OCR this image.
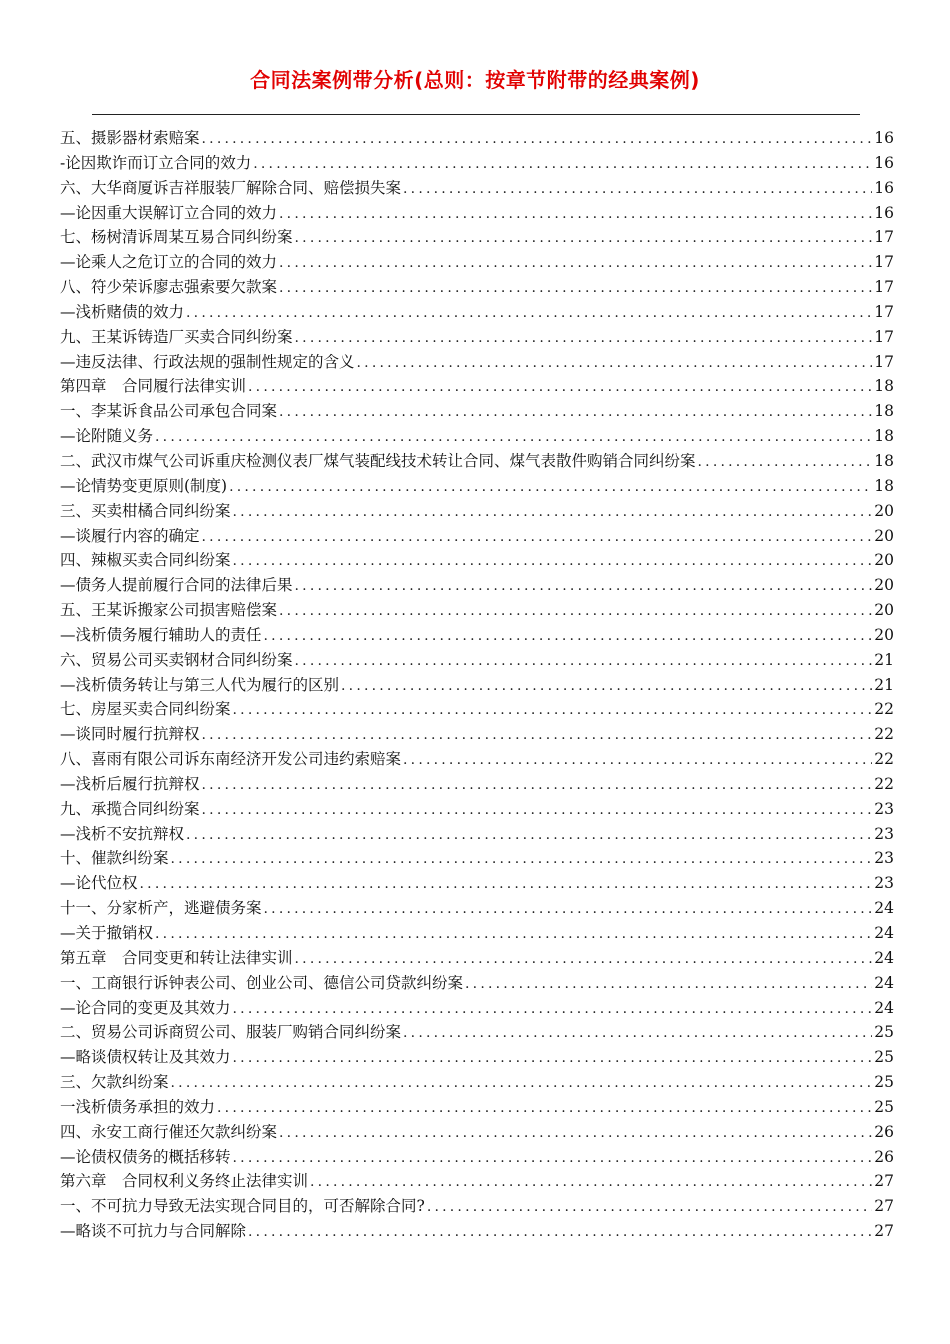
合同法案例带分析(总则：按章节附带的经典案例)
五、摄影器材索赔案 .....	16
-论因欺诈而订立合同的效力 .....	16
六、大华商厦诉吉祥服装厂解除合同、赔偿损失案 .....	16
—论因重大误解订立合同的效力 .....	16
七、杨树清诉周某互易合同纠纷案 .....	17
—论乘人之危订立的合同的效力 .....	17
八、符少荣诉廖志强索要欠款案 .....	17
—浅析赌债的效力 .....	17
九、王某诉铸造厂买卖合同纠纷案 .....	17
—违反法律、行政法规的强制性规定的含义 .....	17
第四章　合同履行法律实训 .....	18
一、李某诉食品公司承包合同案 .....	18
—论附随义务 .....	18
二、武汉市煤气公司诉重庆检测仪表厂煤气装配线技术转让合同、煤气表散件购销合同纠纷案 .....	18
—论情势变更原则(制度) .....	18
三、买卖柑橘合同纠纷案 .....	20
—谈履行内容的确定 .....	20
四、辣椒买卖合同纠纷案 .....	20
—债务人提前履行合同的法律后果 .....	20
五、王某诉搬家公司损害赔偿案 .....	20
—浅析债务履行辅助人的责任 .....	20
六、贸易公司买卖钢材合同纠纷案 .....	21
—浅析债务转让与第三人代为履行的区别 .....	21
七、房屋买卖合同纠纷案 .....	22
—谈同时履行抗辩权 .....	22
八、喜雨有限公司诉东南经济开发公司违约索赔案 .....	22
—浅析后履行抗辩权 .....	22
九、承揽合同纠纷案 .....	23
—浅析不安抗辩权 .....	23
十、催款纠纷案 .....	23
—论代位权 .....	23
十一、分家析产，逃避债务案 .....	24
—关于撤销权 .....	24
第五章　合同变更和转让法律实训 .....	24
一、工商银行诉钟表公司、创业公司、德信公司贷款纠纷案 .....	24
—论合同的变更及其效力 .....	24
二、贸易公司诉商贸公司、服装厂购销合同纠纷案 .....	25
—略谈债权转让及其效力 .....	25
三、欠款纠纷案 .....	25
一浅析债务承担的效力 .....	25
四、永安工商行催还欠款纠纷案 .....	26
—论债权债务的概括移转 .....	26
第六章　合同权利义务终止法律实训 .....	27
一、不可抗力导致无法实现合同目的，可否解除合同? .....	27
—略谈不可抗力与合同解除 .....	27
